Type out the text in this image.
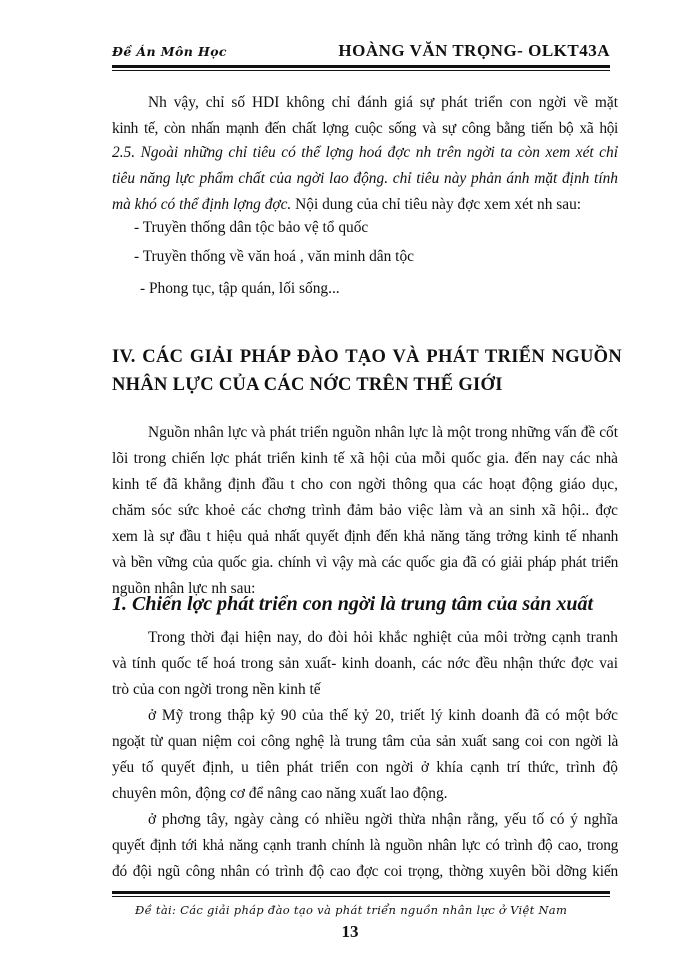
Đề Án Môn Học	HOÀNG VĂN TRỌNG- OLKT43A
Nh vậy, chỉ số HDI không chỉ đánh giá sự phát triển con ngời về mặt
kinh tế, còn nhấn mạnh đến chất lợng cuộc sống và sự công bằng tiến bộ xã hội
2.5. Ngoài những chỉ tiêu có thể lợng hoá đợc nh trên ngời ta còn xem xét chỉ
tiêu năng lực phẩm chất của ngời lao động. chỉ tiêu này phản ánh mặt định tính
mà khó có thể định lợng đợc. Nội dung của chỉ tiêu này đợc xem xét nh sau:
- Truyền thống dân tộc bảo vệ tổ quốc
- Truyền thống về văn hoá , văn minh dân tộc
- Phong tục, tập quán, lối sống...
IV. CÁC GIẢI PHÁP ĐÀO TẠO VÀ PHÁT TRIỂN NGUỒN
NHÂN LỰC CỦA CÁC NỚC TRÊN THẾ GIỚI
Nguồn nhân lực và phát triển nguồn nhân lực là một trong những vấn đề cốt
lõi trong chiến lợc phát triển kinh tế xã hội của mỗi quốc gia. đến nay các nhà
kinh tế đã khẳng định đầu t cho con ngời thông qua các hoạt động giáo dục,
chăm sóc sức khoẻ các chơng trình đảm bảo việc làm và an sinh xã hội.. đợc
xem là sự đầu t hiệu quả nhất quyết định đến khả năng tăng trởng kinh tế nhanh
và bền vững của quốc gia. chính vì vậy mà các quốc gia đã có giải pháp phát triển
nguồn nhân lực nh sau:
1. Chiến lợc phát triển con ngời là trung tâm của sản xuất
Trong thời đại hiện nay, do đòi hỏi khắc nghiệt của môi trờng cạnh tranh
và tính quốc tế hoá trong sản xuất- kinh doanh, các nớc đều nhận thức đợc vai
trò của con ngời trong nền kinh tế
ở Mỹ trong thập kỷ 90 của thế kỷ 20, triết lý kinh doanh đã có một bớc
ngoặt từ quan niệm coi công nghệ là trung tâm của sản xuất sang coi con ngời là
yếu tố quyết định, u tiên phát triển con ngời ở khía cạnh trí thức, trình độ
chuyên môn, động cơ để nâng cao năng xuất lao động.
ở phơng tây, ngày càng có nhiều ngời thừa nhận rằng, yếu tố có ý nghĩa
quyết định tới khả năng cạnh tranh chính là nguồn nhân lực có trình độ cao, trong
đó đội ngũ công nhân có trình độ cao đợc coi trọng, thờng xuyên bồi dỡng kiến
Đề tài: Các giải pháp đào tạo và phát triển nguồn nhân lực ở Việt Nam
13
